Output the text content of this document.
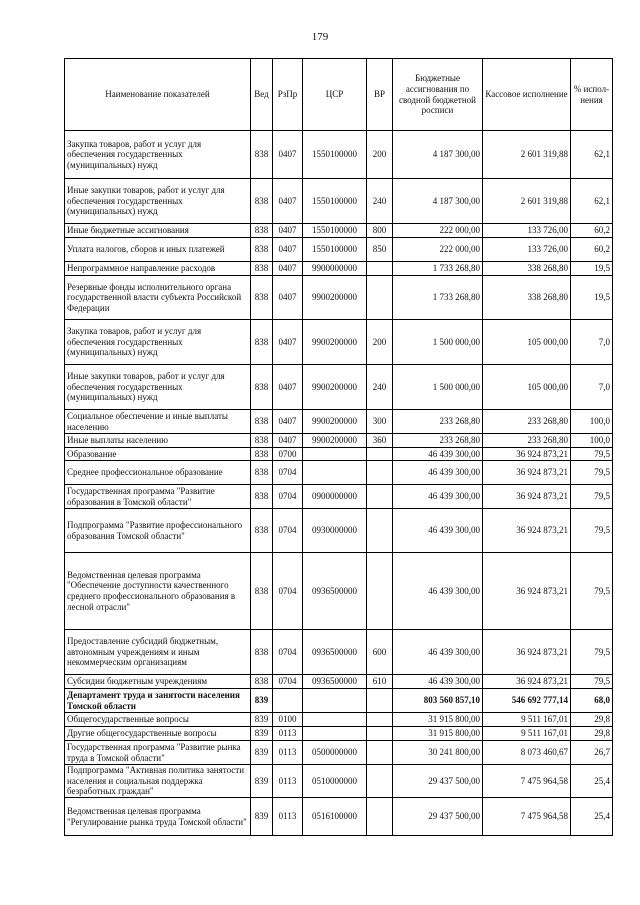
179
Наименование показателей	Вед	РзПр	ЦСР	ВР	Бюджетные ассигнования по сводной бюджетной росписи	Кассовое исполнение	% испол-нения
Закупка товаров, работ и услуг для обеспечения государственных (муниципальных) нужд	838	0407	1550100000	200	4 187 300,00	2 601 319,88	62,1
Иные закупки товаров, работ и услуг для обеспечения государственных (муниципальных) нужд	838	0407	1550100000	240	4 187 300,00	2 601 319,88	62,1
Иные бюджетные ассигнования	838	0407	1550100000	800	222 000,00	133 726,00	60,2
Уплата налогов, сборов и иных платежей	838	0407	1550100000	850	222 000,00	133 726,00	60,2
Непрограммное направление расходов	838	0407	9900000000		1 733 268,80	338 268,80	19,5
Резервные фонды исполнительного органа государственной власти субъекта Российской Федерации	838	0407	9900200000		1 733 268,80	338 268,80	19,5
Закупка товаров, работ и услуг для обеспечения государственных (муниципальных) нужд	838	0407	9900200000	200	1 500 000,00	105 000,00	7,0
Иные закупки товаров, работ и услуг для обеспечения государственных (муниципальных) нужд	838	0407	9900200000	240	1 500 000,00	105 000,00	7,0
Социальное обеспечение и иные выплаты населению	838	0407	9900200000	300	233 268,80	233 268,80	100,0
Иные выплаты населению	838	0407	9900200000	360	233 268,80	233 268,80	100,0
Образование	838	0700			46 439 300,00	36 924 873,21	79,5
Среднее профессиональное образование	838	0704			46 439 300,00	36 924 873,21	79,5
Государственная программа "Развитие образования в Томской области"	838	0704	0900000000		46 439 300,00	36 924 873,21	79,5
Подпрограмма "Развитие профессионального образования Томской области"	838	0704	0930000000		46 439 300,00	36 924 873,21	79,5
Ведомственная целевая программа "Обеспечение доступности качественного среднего профессионального образования в лесной отрасли"	838	0704	0936500000		46 439 300,00	36 924 873,21	79,5
Предоставление субсидий бюджетным, автономным учреждениям и иным некоммерческим организациям	838	0704	0936500000	600	46 439 300,00	36 924 873,21	79,5
Субсидии бюджетным учреждениям	838	0704	0936500000	610	46 439 300,00	36 924 873,21	79,5
Департамент труда и занятости населения Томской области	839				803 560 857,10	546 692 777,14	68,0
Общегосударственные вопросы	839	0100			31 915 800,00	9 511 167,01	29,8
Другие общегосударственные вопросы	839	0113			31 915 800,00	9 511 167,01	29,8
Государственная программа "Развитие рынка труда в Томской области"	839	0113	0500000000		30 241 800,00	8 073 460,67	26,7
Подпрограмма "Активная политика занятости населения и социальная поддержка безработных граждан"	839	0113	0510000000		29 437 500,00	7 475 964,58	25,4
Ведомственная целевая программа "Регулирование рынка труда Томской области"	839	0113	0516100000		29 437 500,00	7 475 964,58	25,4
